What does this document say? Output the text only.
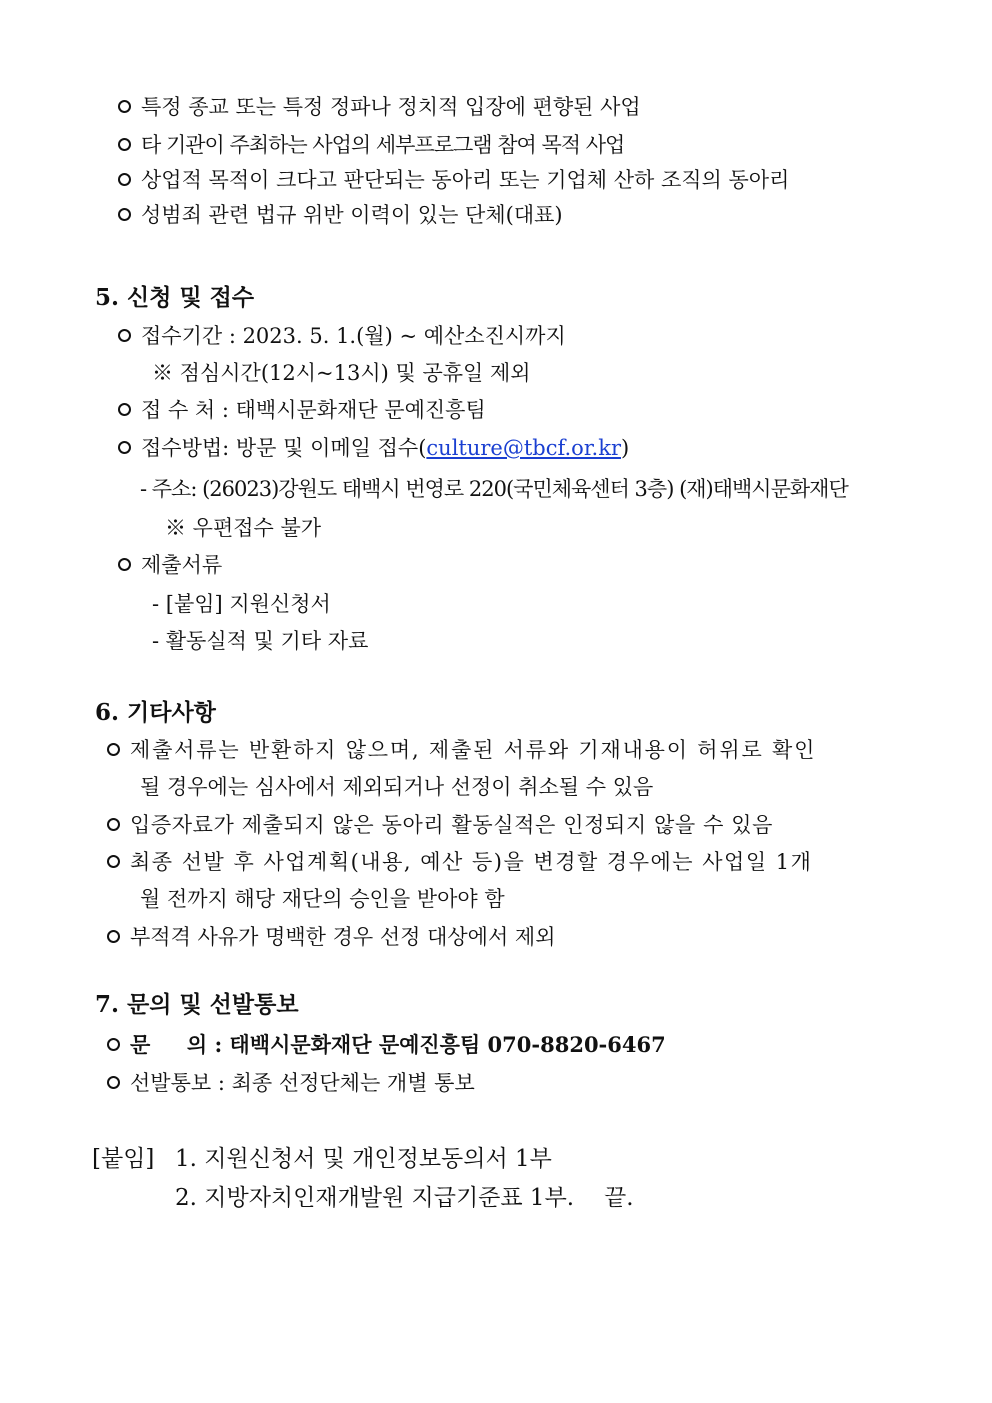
특정 종교 또는 특정 정파나 정치적 입장에 편향된 사업
타 기관이 주최하는 사업의 세부프로그램 참여 목적 사업
상업적 목적이 크다고 판단되는 동아리 또는 기업체 산하 조직의 동아리
성범죄 관련 법규 위반 이력이 있는 단체(대표)
5. 신청 및 접수
접수기간 : 2023. 5. 1.(월) ~ 예산소진시까지
※ 점심시간(12시~13시) 및 공휴일 제외
접 수 처 : 태백시문화재단 문예진흥팀
접수방법: 방문 및 이메일 접수(culture@tbcf.or.kr)
- 주소: (26023)강원도 태백시 번영로 220(국민체육센터 3층) (재)태백시문화재단
※ 우편접수 불가
제출서류
- [붙임] 지원신청서
- 활동실적 및 기타 자료
6. 기타사항
제출서류는 반환하지 않으며, 제출된 서류와 기재내용이 허위로 확인
될 경우에는 심사에서 제외되거나 선정이 취소될 수 있음
입증자료가 제출되지 않은 동아리 활동실적은 인정되지 않을 수 있음
최종 선발 후 사업계획(내용, 예산 등)을 변경할 경우에는 사업일 1개
월 전까지 해당 재단의 승인을 받아야 함
부적격 사유가 명백한 경우 선정 대상에서 제외
7. 문의 및 선발통보
문     의 : 태백시문화재단 문예진흥팀 070-8820-6467
선발통보 : 최종 선정단체는 개별 통보
[붙임] 1. 지원신청서 및 개인정보동의서 1부
2. 지방자치인재개발원 지급기준표 1부. 끝.
